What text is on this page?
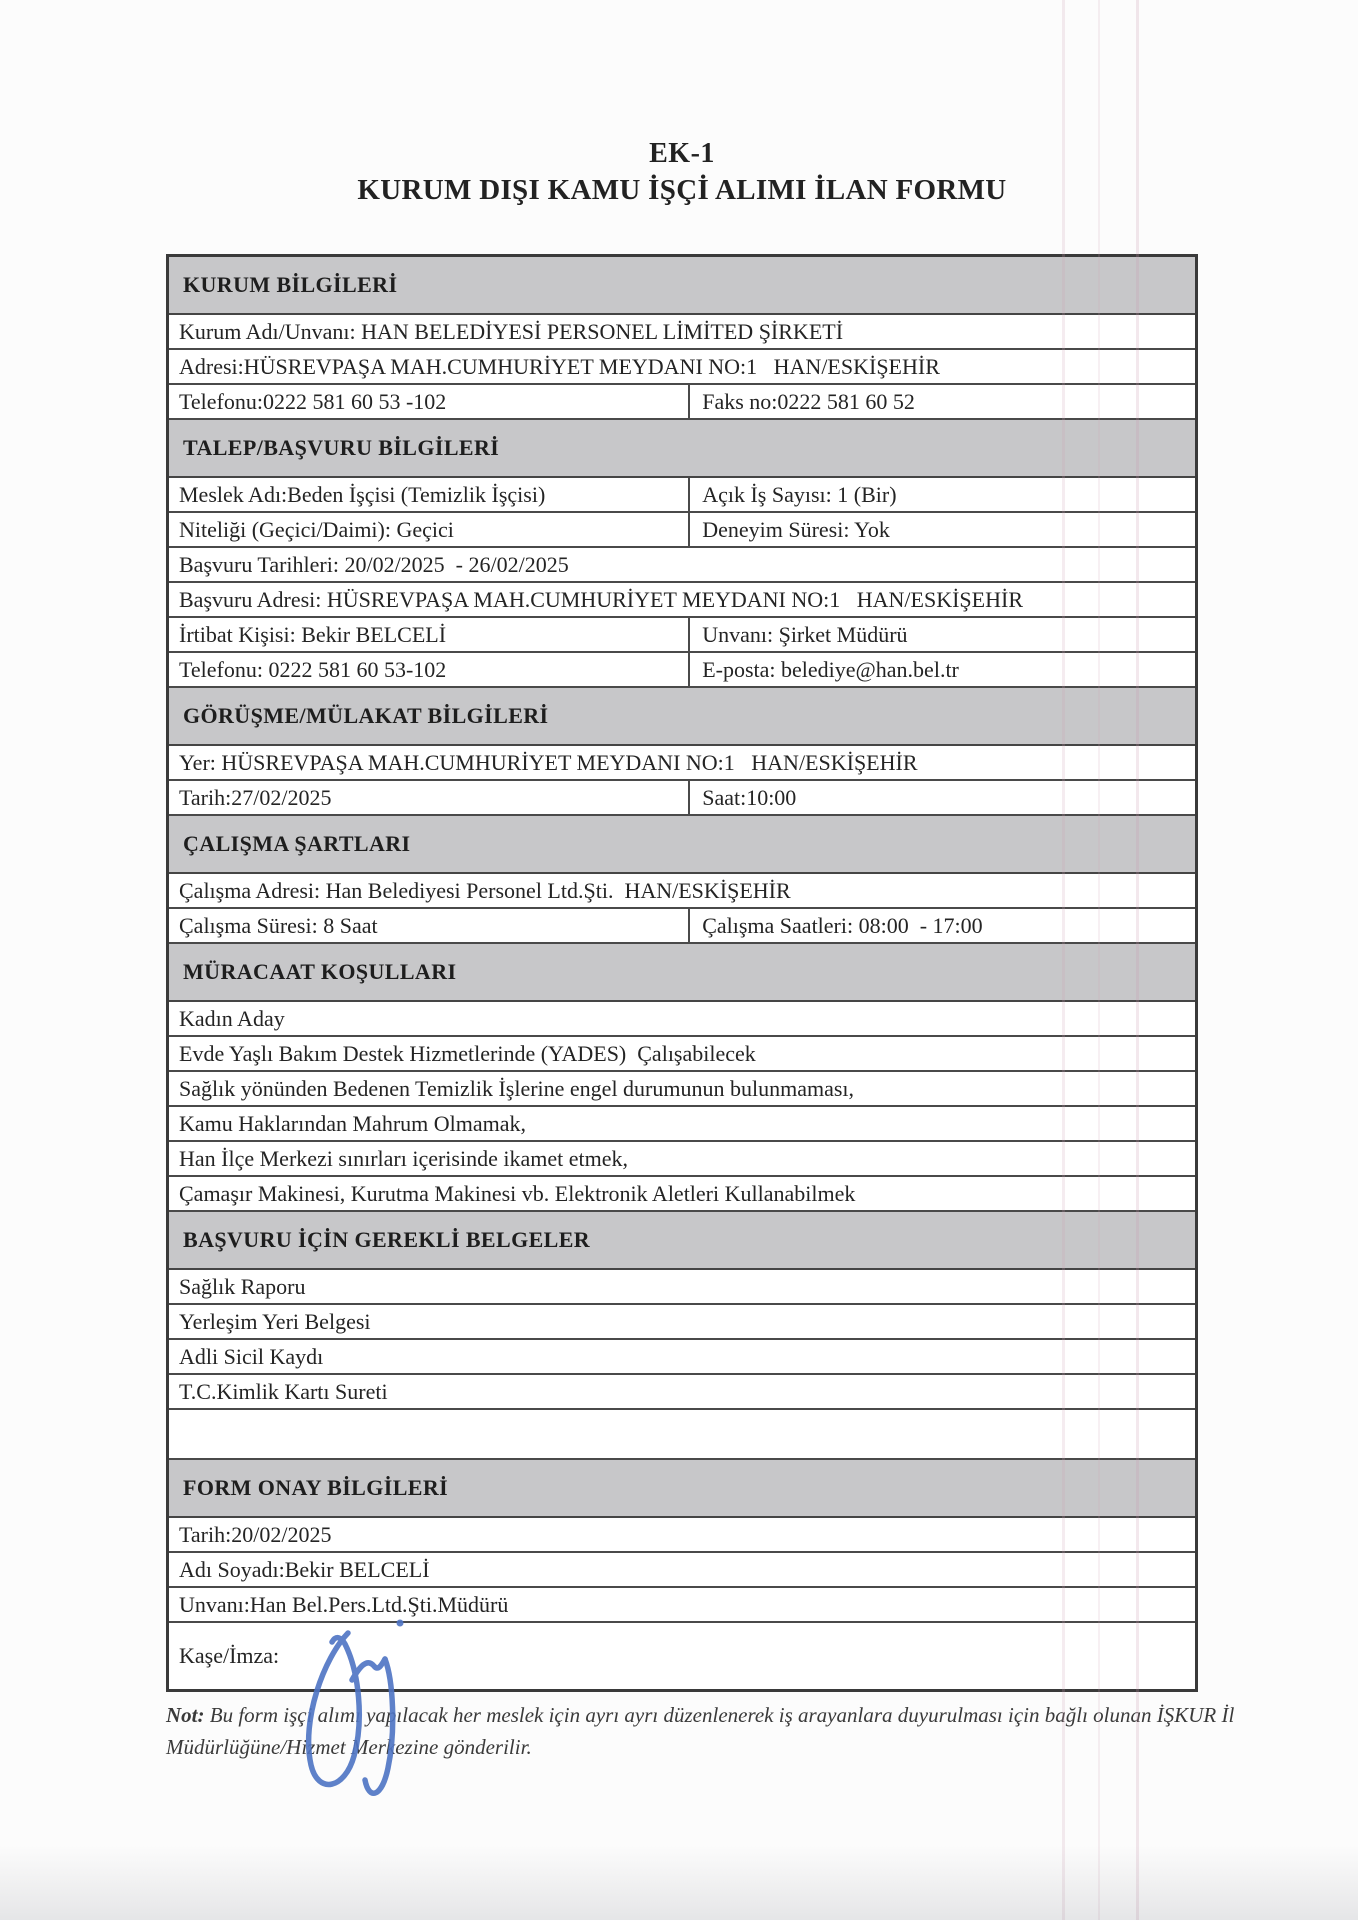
EK-1
KURUM DIŞI KAMU İŞÇİ ALIMI İLAN FORMU
KURUM BİLGİLERİ
Kurum Adı/Unvanı: HAN BELEDİYESİ PERSONEL LİMİTED ŞİRKETİ
Adresi:HÜSREVPAŞA MAH.CUMHURİYET MEYDANI NO:1   HAN/ESKİŞEHİR
Telefonu:0222 581 60 53 -102	Faks no:0222 581 60 52
TALEP/BAŞVURU BİLGİLERİ
Meslek Adı:Beden İşçisi (Temizlik İşçisi)	Açık İş Sayısı: 1 (Bir)
Niteliği (Geçici/Daimi): Geçici	Deneyim Süresi: Yok
Başvuru Tarihleri: 20/02/2025  - 26/02/2025
Başvuru Adresi: HÜSREVPAŞA MAH.CUMHURİYET MEYDANI NO:1   HAN/ESKİŞEHİR
İrtibat Kişisi: Bekir BELCELİ	Unvanı: Şirket Müdürü
Telefonu: 0222 581 60 53-102	E-posta: belediye@han.bel.tr
GÖRÜŞME/MÜLAKAT BİLGİLERİ
Yer: HÜSREVPAŞA MAH.CUMHURİYET MEYDANI NO:1   HAN/ESKİŞEHİR
Tarih:27/02/2025	Saat:10:00
ÇALIŞMA ŞARTLARI
Çalışma Adresi: Han Belediyesi Personel Ltd.Şti.  HAN/ESKİŞEHİR
Çalışma Süresi: 8 Saat	Çalışma Saatleri: 08:00  - 17:00
MÜRACAAT KOŞULLARI
Kadın Aday
Evde Yaşlı Bakım Destek Hizmetlerinde (YADES)  Çalışabilecek
Sağlık yönünden Bedenen Temizlik İşlerine engel durumunun bulunmaması,
Kamu Haklarından Mahrum Olmamak,
Han İlçe Merkezi sınırları içerisinde ikamet etmek,
Çamaşır Makinesi, Kurutma Makinesi vb. Elektronik Aletleri Kullanabilmek
BAŞVURU İÇİN GEREKLİ BELGELER
Sağlık Raporu
Yerleşim Yeri Belgesi
Adli Sicil Kaydı
T.C.Kimlik Kartı Sureti
FORM ONAY BİLGİLERİ
Tarih:20/02/2025
Adı Soyadı:Bekir BELCELİ
Unvanı:Han Bel.Pers.Ltd.Şti.Müdürü
Kaşe/İmza:
Not: Bu form işçi alımı yapılacak her meslek için ayrı ayrı düzenlenerek iş arayanlara duyurulması için bağlı olunan İŞKUR İl Müdürlüğüne/Hizmet Merkezine gönderilir.
